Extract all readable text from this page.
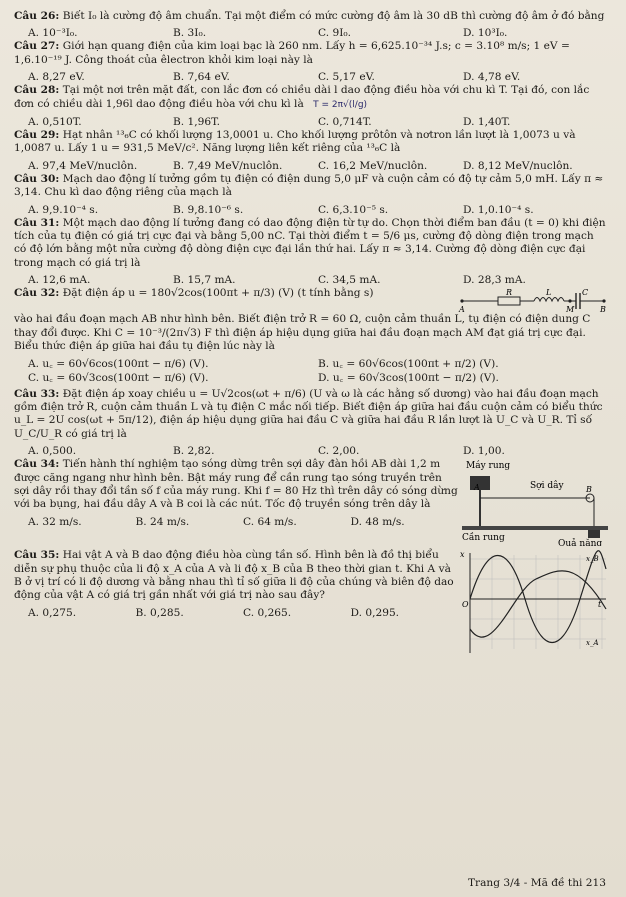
Câu 26: Biết I₀ là cường độ âm chuẩn. Tại một điểm có mức cường độ âm là 30 dB thì cường độ âm ở đó bằng
A. 10⁻³I₀.	B. 3I₀.	C. 9I₀.	D. 10³I₀.
Câu 27: Giới hạn quang điện của kim loại bạc là 260 nm. Lấy h = 6,625.10⁻³⁴ J.s; c = 3.10⁸ m/s; 1 eV = 1,6.10⁻¹⁹ J. Công thoát của êlectron khỏi kim loại này là
A. 8,27 eV.	B. 7,64 eV.	C. 5,17 eV.	D. 4,78 eV.
Câu 28: Tại một nơi trên mặt đất, con lắc đơn có chiều dài l dao động điều hòa với chu kì T. Tại đó, con lắc đơn có chiều dài 1,96l dao động điều hòa với chu kì là T = 2π√(l/g)
A. 0,510T.	B. 1,96T.	C. 0,714T.	D. 1,40T.
Câu 29: Hạt nhân ¹³₆C có khối lượng 13,0001 u. Cho khối lượng prôtôn và nơtron lần lượt là 1,0073 u và 1,0087 u. Lấy 1 u = 931,5 MeV/c². Năng lượng liên kết riêng của ¹³₆C là
A. 97,4 MeV/nuclôn.	B. 7,49 MeV/nuclôn.	C. 16,2 MeV/nuclôn.	D. 8,12 MeV/nuclôn.
Câu 30: Mạch dao động lí tưởng gồm tụ điện có điện dung 5,0 μF và cuộn cảm có độ tự cảm 5,0 mH. Lấy π ≈ 3,14. Chu kì dao động riêng của mạch là
A. 9,9.10⁻⁴ s.	B. 9,8.10⁻⁶ s.	C. 6,3.10⁻⁵ s.	D. 1,0.10⁻⁴ s.
Câu 31: Một mạch dao động lí tưởng đang có dao động điện từ tự do. Chọn thời điểm ban đầu (t = 0) khi điện tích của tụ điện có giá trị cực đại và bằng 5,00 nC. Tại thời điểm t = 5/6 μs, cường độ dòng điện trong mạch có độ lớn bằng một nửa cường độ dòng điện cực đại lần thứ hai. Lấy π ≈ 3,14. Cường độ dòng điện cực đại trong mạch có giá trị là
A. 12,6 mA.	B. 15,7 mA.	C. 34,5 mA.	D. 28,3 mA.
Câu 32: Đặt điện áp u = 180√2cos(100πt + π/3) (V) (t tính bằng s)
A
R	L	C
M	B
vào hai đầu đoạn mạch AB như hình bên. Biết điện trở R = 60 Ω, cuộn cảm thuần L, tụ điện có điện dung C thay đổi được. Khi C = 10⁻³/(2π√3) F thì điện áp hiệu dụng giữa hai đầu đoạn mạch AM đạt giá trị cực đại. Biểu thức điện áp giữa hai đầu tụ điện lúc này là
A. u꜀ = 60√6cos(100πt − π/6) (V).	B. u꜀ = 60√6cos(100πt + π/2) (V).
C. u꜀ = 60√3cos(100πt − π/6) (V).	D. u꜀ = 60√3cos(100πt − π/2) (V).
Câu 33: Đặt điện áp xoay chiều u = U√2cos(ωt + π/6) (U và ω là các hằng số dương) vào hai đầu đoạn mạch gồm điện trở R, cuộn cảm thuần L và tụ điện C mắc nối tiếp. Biết điện áp giữa hai đầu cuộn cảm có biểu thức u_L = 2U cos(ωt + 5π/12), điện áp hiệu dụng giữa hai đầu C và giữa hai đầu R lần lượt là U_C và U_R. Tỉ số U_C/U_R có giá trị là
A. 0,500.	B. 2,82.	C. 2,00.	D. 1,00.
Câu 34: Tiến hành thí nghiệm tạo sóng dừng trên sợi dây đàn hồi AB dài 1,2 m được căng ngang như hình bên. Bật máy rung để cần rung tạo sóng truyền trên sợi dây rồi thay đổi tần số f của máy rung. Khi f = 80 Hz thì trên dây có sóng dừng với ba bụng, hai đầu dây A và B coi là các nút. Tốc độ truyền sóng trên dây là
A. 32 m/s.	B. 24 m/s.	C. 64 m/s.	D. 48 m/s.
Máy rung
A	Sợi dây	B
Cần rung
Quả nặng
Câu 35: Hai vật A và B dao động điều hòa cùng tần số. Hình bên là đồ thị biểu diễn sự phụ thuộc của li độ x_A của A và li độ x_B của B theo thời gian t. Khi A và B ở vị trí có li độ dương và bằng nhau thì tỉ số giữa li độ của chúng và biên độ dao động của vật A có giá trị gần nhất với giá trị nào sau đây?
A. 0,275.	B. 0,285.	C. 0,265.	D. 0,295.
x
O	t
x_B
x_A
Trang 3/4 - Mã đề thi 213
